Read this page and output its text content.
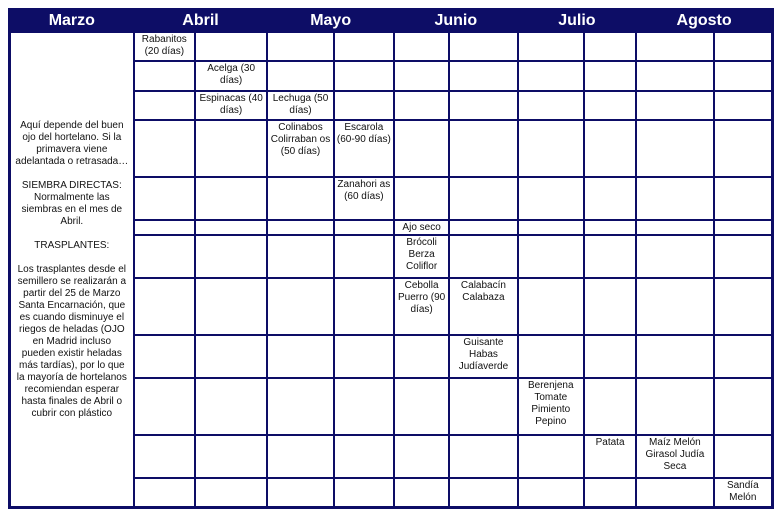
Marzo	Abril		Mayo		Junio		Julio		Agosto	
Aquí depende del buen ojo del hortelano. Si la primavera viene adelantada o retrasada…

SIEMBRA DIRECTAS: Normalmente las siembras en el mes de Abril.

TRASPLANTES:

Los trasplantes desde el semillero se realizarán a partir del 25 de Marzo Santa Encarnación, que es cuando disminuye el riegos de heladas (OJO en Madrid incluso pueden existir heladas más tardías), por lo que la mayoría de hortelanos recomiendan esperar hasta finales de Abril o cubrir con plástico	Rabanitos (20 días)									
		Acelga (30 días)								
		Espinacas (40 días)	Lechuga (50 días)							
			Colinabos Colirraban os (50 días)	Escarola (60-90 días)						
				Zanahori as (60 días)						
					Ajo seco					
					Brócoli Berza Coliflor					
					Cebolla Puerro (90 días)	Calabacín Calabaza				
						Guisante Habas Judíaverde				
							Berenjena Tomate Pimiento Pepino			
								Patata	Maíz Melón Girasol Judía Seca	
										Sandía Melón
